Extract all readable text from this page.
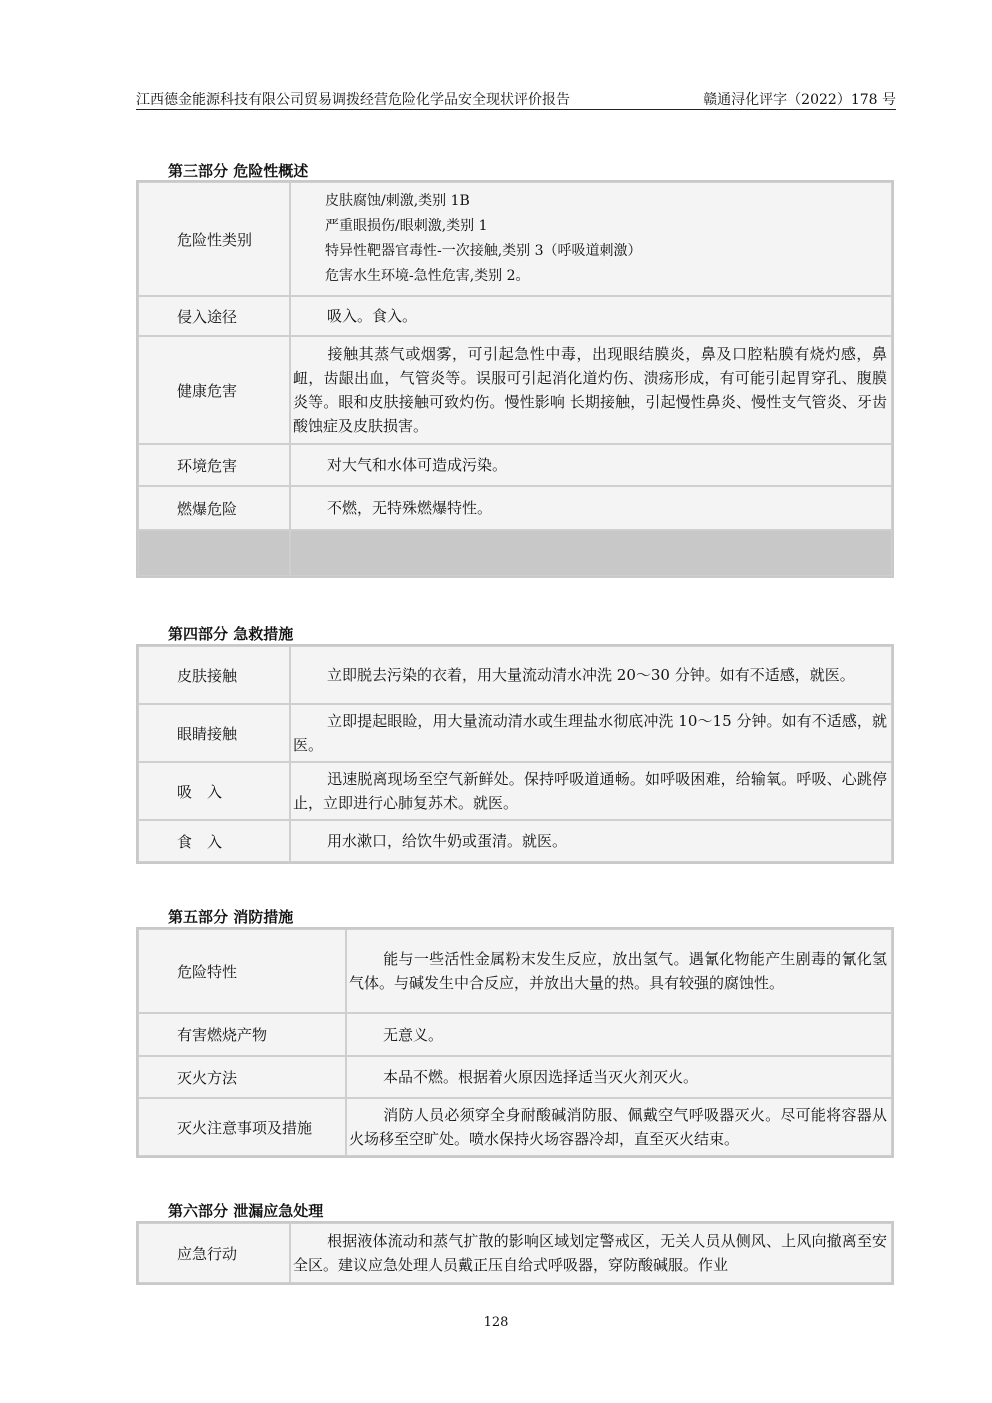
江西德金能源科技有限公司贸易调拨经营危险化学品安全现状评价报告	赣通浔化评字（2022）178 号
第三部分 危险性概述
危险性类别	皮肤腐蚀/刺激,类别 1B
严重眼损伤/眼刺激,类别 1
特异性靶器官毒性-一次接触,类别 3（呼吸道刺激）
危害水生环境-急性危害,类别 2。

侵入途径	吸入。食入。
健康危害	接触其蒸气或烟雾，可引起急性中毒，出现眼结膜炎，鼻及口腔粘膜有烧灼感，鼻衄，齿龈出血，气管炎等。误服可引起消化道灼伤、溃疡形成，有可能引起胃穿孔、腹膜炎等。眼和皮肤接触可致灼伤。慢性影响 长期接触，引起慢性鼻炎、慢性支气管炎、牙齿酸蚀症及皮肤损害。
环境危害	对大气和水体可造成污染。
燃爆危险	不燃，无特殊燃爆特性。

第四部分 急救措施
皮肤接触	立即脱去污染的衣着，用大量流动清水冲洗 20～30 分钟。如有不适感，就医。
眼睛接触	立即提起眼睑，用大量流动清水或生理盐水彻底冲洗 10～15 分钟。如有不适感，就医。
吸　入	迅速脱离现场至空气新鲜处。保持呼吸道通畅。如呼吸困难，给输氧。呼吸、心跳停止，立即进行心肺复苏术。就医。
食　入	用水漱口，给饮牛奶或蛋清。就医。
第五部分 消防措施
危险特性	能与一些活性金属粉末发生反应，放出氢气。遇氰化物能产生剧毒的氰化氢气体。与碱发生中合反应，并放出大量的热。具有较强的腐蚀性。
有害燃烧产物	无意义。
灭火方法	本品不燃。根据着火原因选择适当灭火剂灭火。
灭火注意事项及措施	消防人员必须穿全身耐酸碱消防服、佩戴空气呼吸器灭火。尽可能将容器从火场移至空旷处。喷水保持火场容器冷却，直至灭火结束。
第六部分 泄漏应急处理
应急行动	根据液体流动和蒸气扩散的影响区域划定警戒区，无关人员从侧风、上风向撤离至安全区。建议应急处理人员戴正压自给式呼吸器，穿防酸碱服。作业
128
